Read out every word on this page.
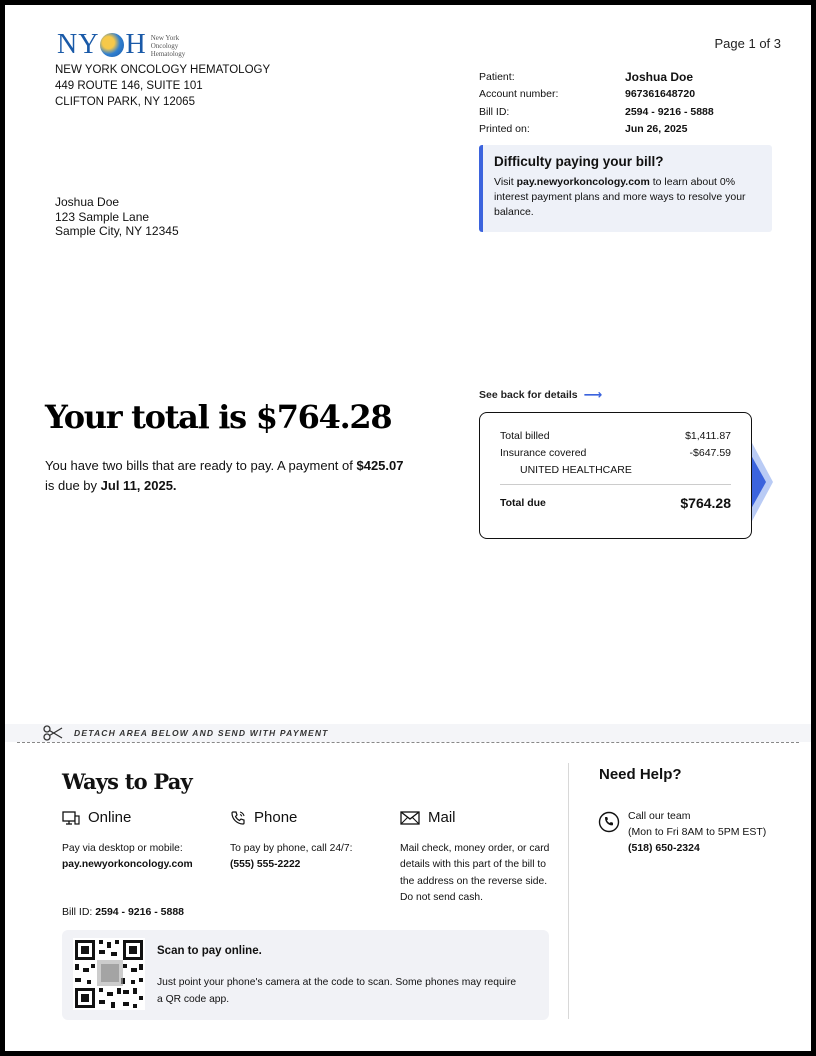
NY H New York
Oncology
Hematology
NEW YORK ONCOLOGY HEMATOLOGY
449 ROUTE 146, SUITE 101
CLIFTON PARK, NY 12065
Page 1 of 3
Patient:	Joshua Doe
Account number:	967361648720
Bill ID:	2594 - 9216 - 5888
Printed on:	Jun 26, 2025
Difficulty paying your bill?

Visit pay.newyorkoncology.com to learn about 0% interest payment plans and more ways to resolve your balance.

Joshua Doe
123 Sample Lane
Sample City, NY 12345
Your total is $764.28
You have two bills that are ready to pay. A payment of $425.07 is due by Jul 11, 2025.
See back for details ⟶
Total billed	$1,411.87
Insurance covered	-$647.59
UNITED HEALTHCARE
Total due	$764.28
DETACH AREA BELOW AND SEND WITH PAYMENT
Ways to Pay
Online	Phone	Mail
Pay via desktop or mobile:
pay.newyorkoncology.com
To pay by phone, call 24/7:
(555) 555-2222
Mail check, money order, or card details with this part of the bill to the address on the reverse side. Do not send cash.
Bill ID: 2594 - 9216 - 5888
Scan to pay online.
Just point your phone's camera at the code to scan. Some phones may require a QR code app.
Need Help?
Call our team
(Mon to Fri 8AM to 5PM EST)
(518) 650-2324
